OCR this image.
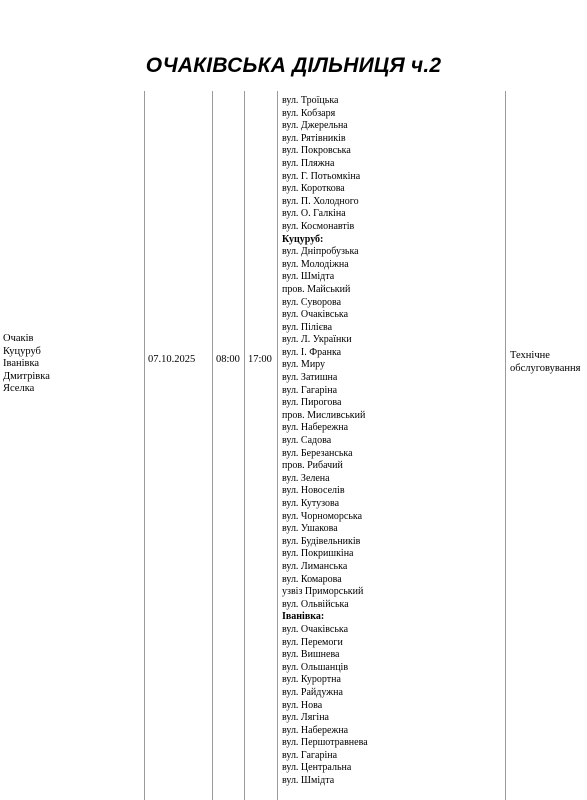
ОЧАКІВСЬКА ДІЛЬНИЦЯ ч.2
Очаків
Куцуруб
Іванівка
Дмитрівка
Яселка
07.10.2025 08:00 17:00
вул. Троїцька
вул. Кобзаря
вул. Джерельна
вул. Рятівників
вул. Покровська
вул. Пляжна
вул. Г. Потьомкіна
вул. Короткова
вул. П. Холодного
вул. О. Галкіна
вул. Космонавтів
Куцуруб:
вул. Дніпробузька
вул. Молодіжна
вул. Шмідта
пров. Майський
вул. Суворова
вул. Очаківська
вул. Пілієва
вул. Л. Українки
вул. І. Франка
вул. Миру
вул. Затишна
вул. Гагаріна
вул. Пирогова
пров. Мисливський
вул. Набережна
вул. Садова
вул. Березанська
пров. Рибачий
вул. Зелена
вул. Новоселів
вул. Кутузова
вул. Чорноморська
вул. Ушакова
вул. Будівельників
вул. Покришкіна
вул. Лиманська
вул. Комарова
узвіз Приморський
вул. Ольвійська
Іванівка:
вул. Очаківська
вул. Перемоги
вул. Вишнева
вул. Ольшанців
вул. Курортна
вул. Райдужна
вул. Нова
вул. Лягіна
вул. Набережна
вул. Першотравнева
вул. Гагаріна
вул. Центральна
вул. Шмідта
Технічне обслуговування
